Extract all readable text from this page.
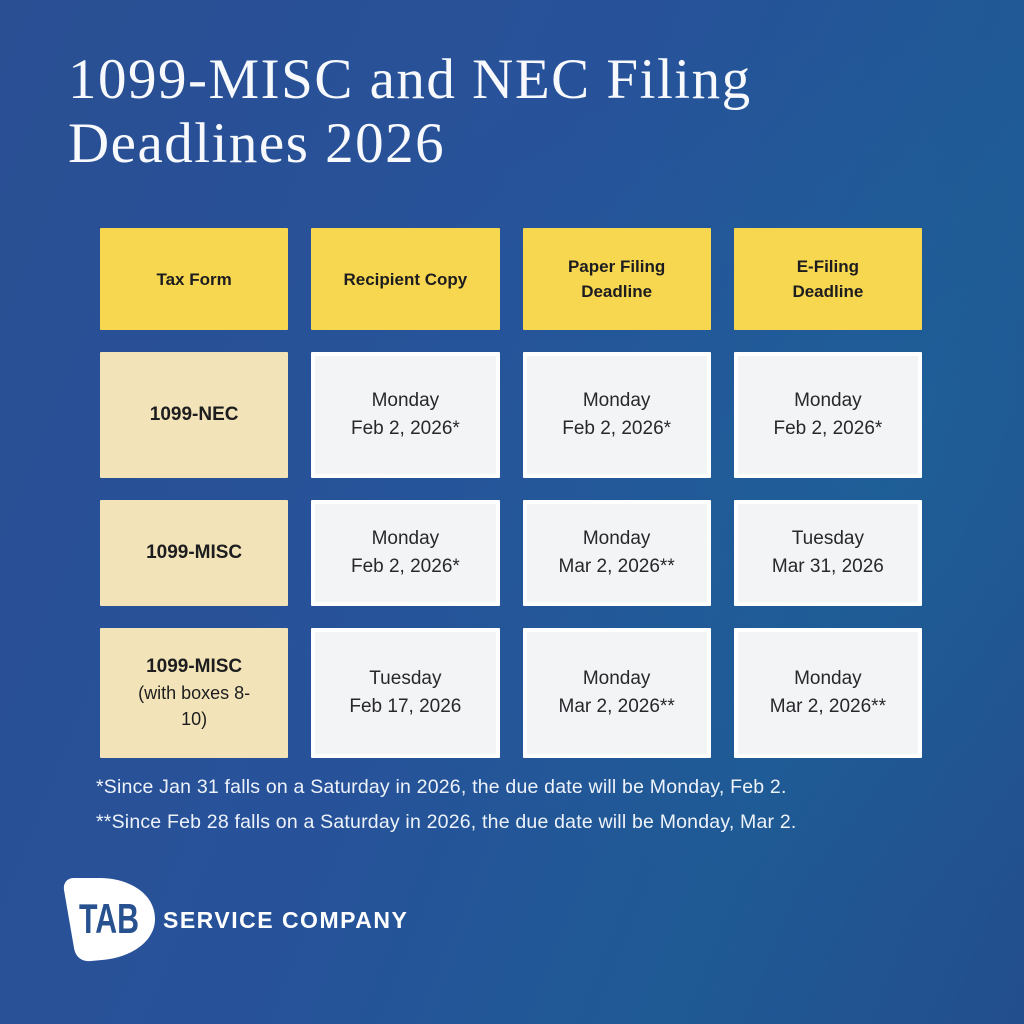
1099-MISC and NEC Filing Deadlines 2026
Tax Form	Recipient Copy
Paper Filing Deadline
E-Filing Deadline
1099-NEC
Monday
Feb 2, 2026*
Monday
Feb 2, 2026*
Monday
Feb 2, 2026*
1099-MISC
Monday
Feb 2, 2026*
Monday
Mar 2, 2026**
Tuesday
Mar 31, 2026
1099-MISC
(with boxes 8-10)
Tuesday
Feb 17, 2026
Monday
Mar 2, 2026**
Monday
Mar 2, 2026**
*Since Jan 31 falls on a Saturday in 2026, the due date will be Monday, Feb 2.
**Since Feb 28 falls on a Saturday in 2026, the due date will be Monday, Mar 2.
TAB SERVICE COMPANY
